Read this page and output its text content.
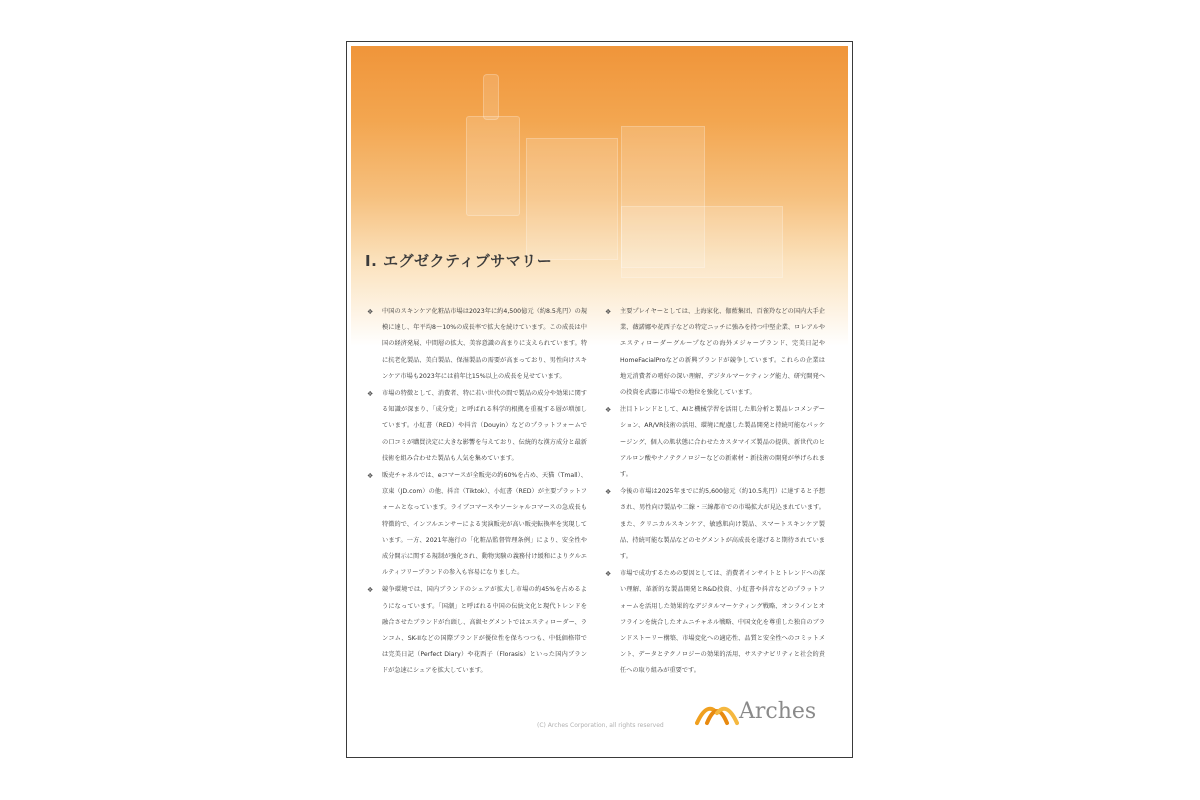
Ⅰ. エグゼクティブサマリー

❖ 中国のスキンケア化粧品市場は2023年に約4,500億元（約8.5兆円）の規模に達し、年平均8～10%の成長率で拡大を続けています。この成長は中国の経済発展、中間層の拡大、美容意識の高まりに支えられています。特に抗老化製品、美白製品、保湿製品の需要が高まっており、男性向けスキンケア市場も2023年には前年比15%以上の成長を見せています。

❖ 市場の特徴として、消費者、特に若い世代の間で製品の成分や効果に関する知識が深まり、「成分党」と呼ばれる科学的根拠を重視する層が増加しています。小紅書（RED）や抖音（Douyin）などのプラットフォームでの口コミが購買決定に大きな影響を与えており、伝統的な漢方成分と最新技術を組み合わせた製品も人気を集めています。

❖ 販売チャネルでは、eコマースが全販売の約60%を占め、天猫（Tmall）、京東（JD.com）の他、抖音（Tiktok）、小紅書（RED）が主要プラットフォームとなっています。ライブコマースやソーシャルコマースの急成長も特徴的で、インフルエンサーによる実演販売が高い販売転換率を実現しています。一方、2021年施行の「化粧品監督管理条例」により、安全性や成分開示に関する規制が強化され、動物実験の義務付け緩和によりクルエルティフリーブランドの参入も容易になりました。

❖ 競争環境では、国内ブランドのシェアが拡大し市場の約45%を占めるようになっています。「国潮」と呼ばれる中国の伝統文化と現代トレンドを融合させたブランドが台頭し、高級セグメントではエスティローダー、ランコム、SK-IIなどの国際ブランドが優位性を保ちつつも、中低価格帯では完美日記（Perfect Diary）や花西子（Florasis）といった国内ブランドが急速にシェアを拡大しています。

❖ 主要プレイヤーとしては、上海家化、伽藍集団、百雀羚などの国内大手企業、薇諾娜や花西子などの特定ニッチに強みを持つ中堅企業、ロレアルやエスティローダーグループなどの海外メジャーブランド、完美日記やHomeFacialProなどの新興ブランドが競争しています。これらの企業は地元消費者の嗜好の深い理解、デジタルマーケティング能力、研究開発への投資を武器に市場での地位を強化しています。

❖ 注目トレンドとして、AIと機械学習を活用した肌分析と製品レコメンデーション、AR/VR技術の活用、環境に配慮した製品開発と持続可能なパッケージング、個人の肌状態に合わせたカスタマイズ製品の提供、新世代のヒアルロン酸やナノテクノロジーなどの新素材・新技術の開発が挙げられます。

❖ 今後の市場は2025年までに約5,600億元（約10.5兆円）に達すると予想され、男性向け製品や二線・三線都市での市場拡大が見込まれています。また、クリニカルスキンケア、敏感肌向け製品、スマートスキンケア製品、持続可能な製品などのセグメントが高成長を遂げると期待されています。

❖ 市場で成功するための要因としては、消費者インサイトとトレンドへの深い理解、革新的な製品開発とR&D投資、小紅書や抖音などのプラットフォームを活用した効果的なデジタルマーケティング戦略、オンラインとオフラインを統合したオムニチャネル戦略、中国文化を尊重した独自のブランドストーリー構築、市場変化への適応性、品質と安全性へのコミットメント、データとテクノロジーの効果的活用、サステナビリティと社会的責任への取り組みが重要です。

(C) Arches Corporation, all rights reserved
Arches
